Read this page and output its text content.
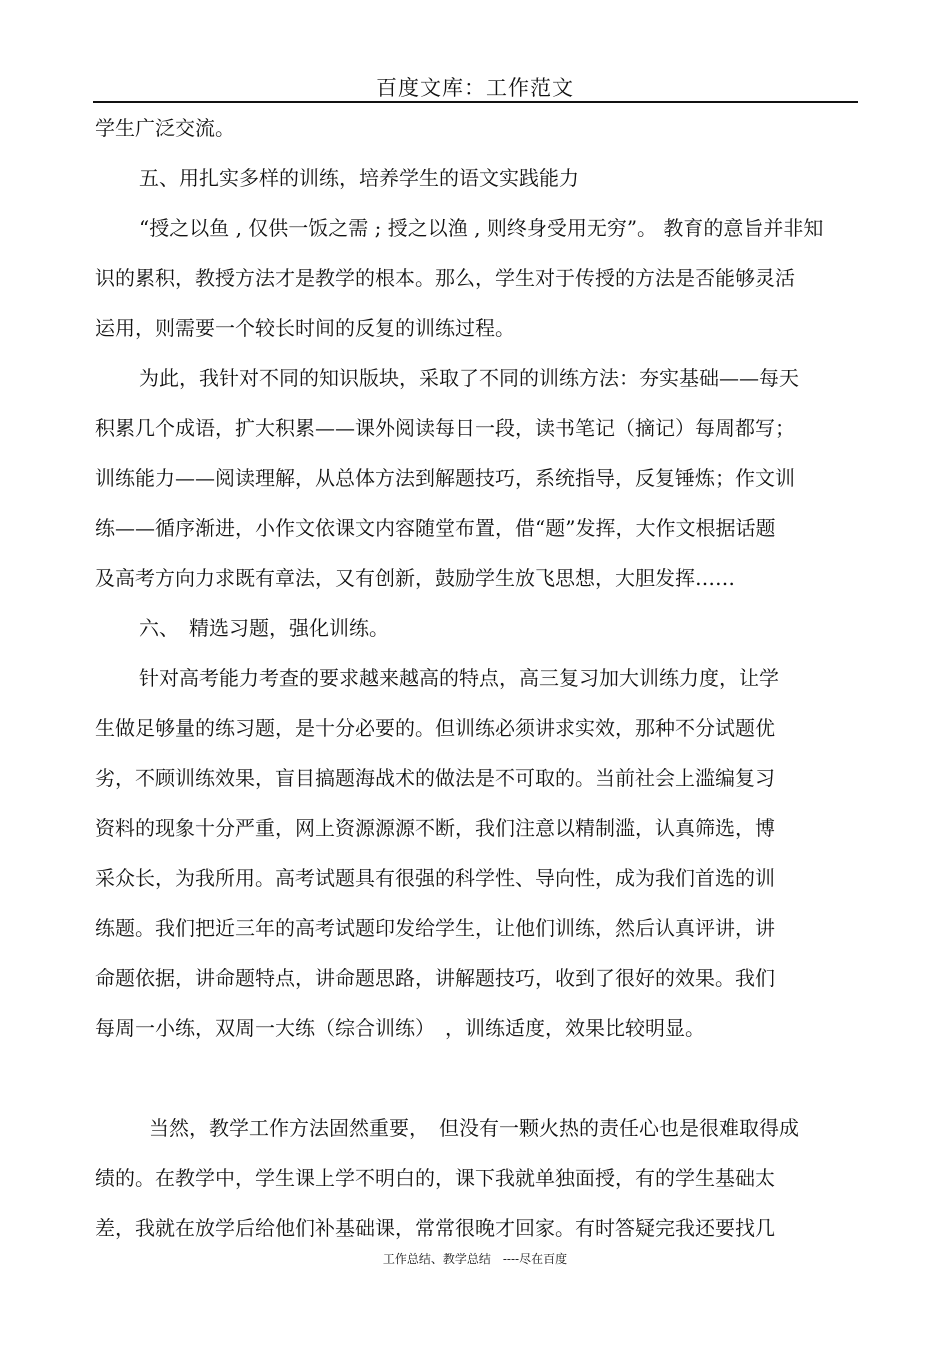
百度文库：工作范文
学生广泛交流。
五、用扎实多样的训练，培养学生的语文实践能力
“授之以鱼 , 仅供一饭之需 ; 授之以渔 , 则终身受用无穷”。 教育的意旨并非知
识的累积，教授方法才是教学的根本。那么，学生对于传授的方法是否能够灵活
运用，则需要一个较长时间的反复的训练过程。
为此，我针对不同的知识版块，采取了不同的训练方法：夯实基础——每天
积累几个成语，扩大积累——课外阅读每日一段，读书笔记（摘记）每周都写；
训练能力——阅读理解，从总体方法到解题技巧，系统指导，反复锤炼；作文训
练——循序渐进，小作文依课文内容随堂布置，借“题”发挥，大作文根据话题
及高考方向力求既有章法，又有创新，鼓励学生放飞思想，大胆发挥……
六、　精选习题，强化训练。
针对高考能力考查的要求越来越高的特点，高三复习加大训练力度，让学
生做足够量的练习题，是十分必要的。但训练必须讲求实效，那种不分试题优
劣，不顾训练效果，盲目搞题海战术的做法是不可取的。当前社会上滥编复习
资料的现象十分严重，网上资源源源不断，我们注意以精制滥，认真筛选，博
采众长，为我所用。高考试题具有很强的科学性、导向性，成为我们首选的训
练题。我们把近三年的高考试题印发给学生，让他们训练，然后认真评讲，讲
命题依据，讲命题特点，讲命题思路，讲解题技巧，收到了很好的效果。我们
每周一小练，双周一大练（综合训练）　，训练适度，效果比较明显。
当然，教学工作方法固然重要，　但没有一颗火热的责任心也是很难取得成
绩的。在教学中，学生课上学不明白的，课下我就单独面授，有的学生基础太
差，我就在放学后给他们补基础课，常常很晚才回家。有时答疑完我还要找几
工作总结、教学总结　----尽在百度
